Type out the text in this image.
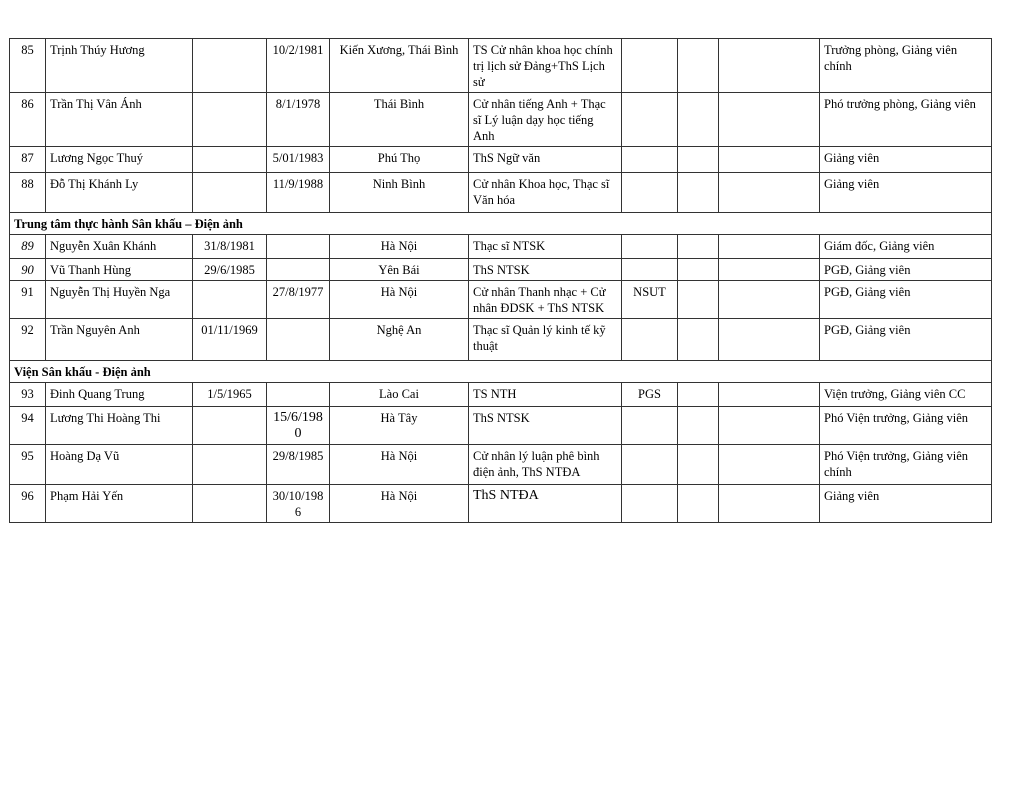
85	Trịnh Thúy Hương		10/2/1981	Kiến Xương, Thái Bình	TS Cử nhân khoa học chính trị lịch sử Đảng+ThS Lịch sử				Trưởng phòng, Giảng viên chính
86	Trần Thị Vân Ánh		8/1/1978	Thái Bình	Cử nhân tiếng Anh + Thạc sĩ Lý luận dạy học tiếng Anh				Phó trưởng phòng, Giảng viên
87	Lương Ngọc Thuý		5/01/1983	Phú Thọ	ThS Ngữ văn				Giảng viên
88	Đỗ Thị Khánh Ly		11/9/1988	Ninh Bình	Cử nhân Khoa học, Thạc sĩ Văn hóa				Giảng viên
Trung tâm thực hành Sân khấu – Điện ảnh									
89	Nguyễn Xuân Khánh	31/8/1981		Hà Nội	Thạc sĩ NTSK				Giám đốc, Giảng viên
90	Vũ Thanh Hùng	29/6/1985		Yên Bái	ThS NTSK				PGĐ, Giảng viên
91	Nguyễn Thị Huyền Nga		27/8/1977	Hà Nội	Cử nhân Thanh nhạc + Cử nhân ĐDSK + ThS NTSK	NSUT			PGĐ, Giảng viên
92	Trần Nguyên Anh	01/11/1969		Nghệ An	Thạc sĩ Quản lý kinh tế kỹ thuật				PGĐ, Giảng viên
Viện Sân khấu - Điện ảnh									
93	Đinh Quang Trung	1/5/1965		Lào Cai	TS NTH	PGS			Viện trưởng, Giảng viên CC
94	Lương Thi Hoàng Thi		15/6/1980	Hà Tây	ThS NTSK				Phó Viện trưởng, Giảng viên
95	Hoàng Dạ Vũ		29/8/1985	Hà Nội	Cử nhân lý luận phê bình điện ảnh, ThS NTĐA				Phó Viện trưởng, Giảng viên chính
96	Phạm Hải Yến		30/10/1986	Hà Nội	ThS NTĐA				Giảng viên
